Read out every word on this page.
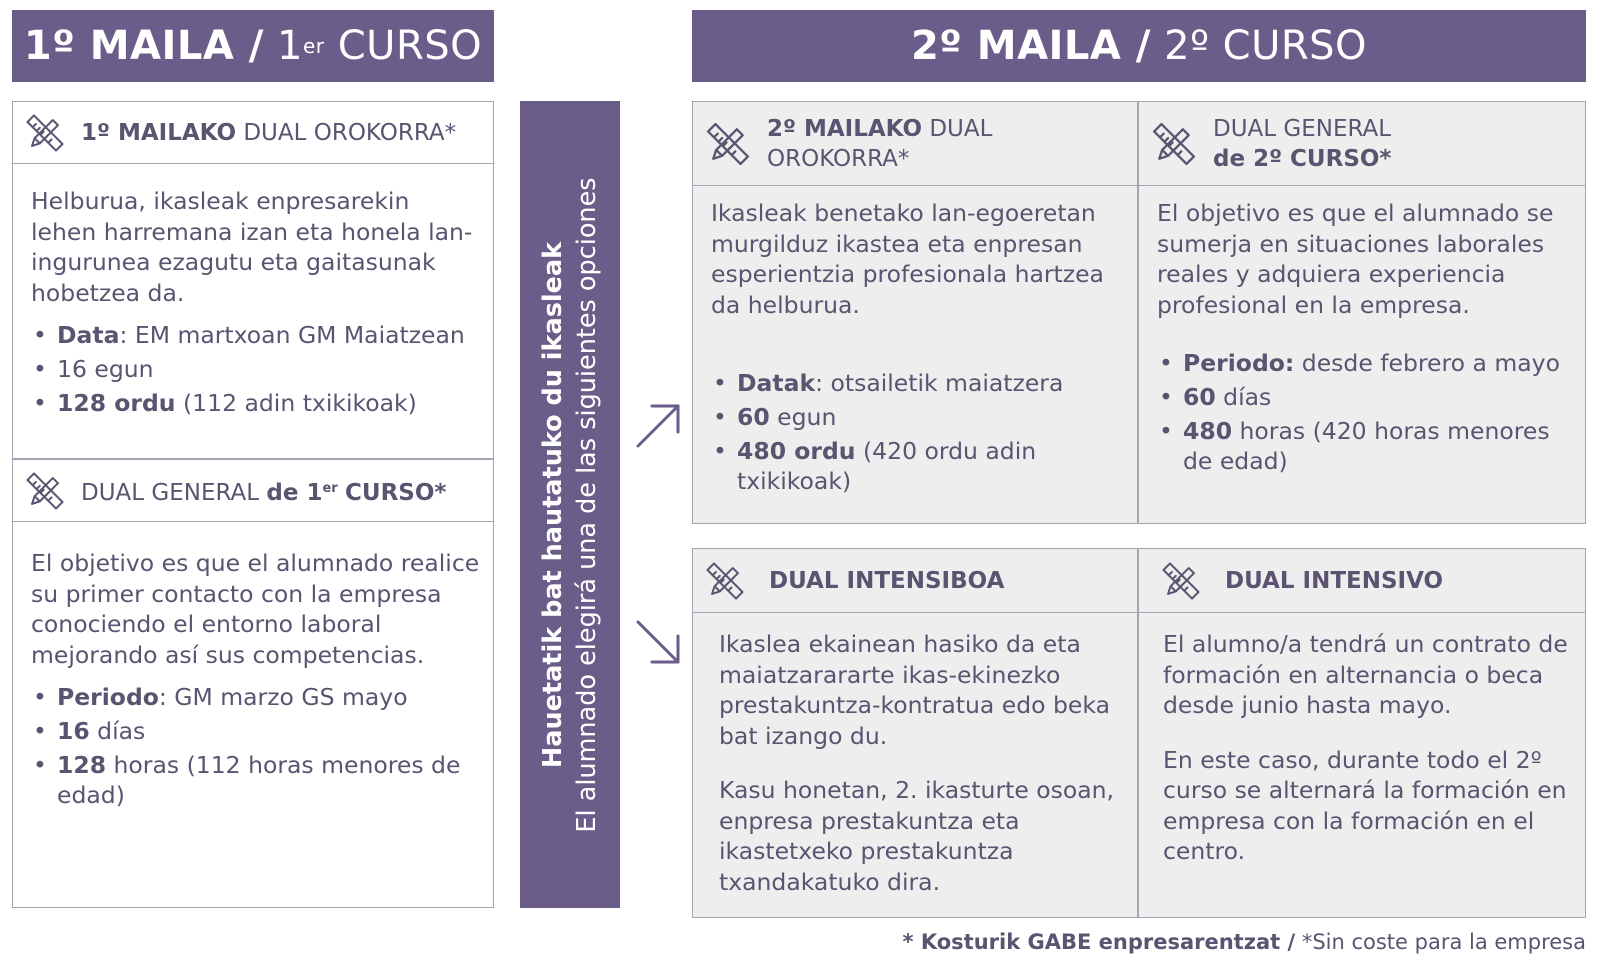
1º MAILA /
1 er
CURSO	2º MAILA /
2º CURSO
1º MAILAKO DUAL OROKORRA*

Helburua, ikasleak enpresarekin lehen harremana izan eta honela lan-ingurunea ezagutu eta gaitasunak hobetzea da.

• Data: EM martxoan GM Maiatzean
• 16 egun
• 128 ordu (112 adin txikikoak)
DUAL GENERAL de 1er CURSO*

El objetivo es que el alumnado realice su primer contacto con la empresa conociendo el entorno laboral mejorando así sus competencias.

• Periodo: GM marzo GS mayo
• 16 días
• 128 horas (112 horas menores de edad)
Hauetatik bat hautatuko du ikasleak El alumnado elegirá una de las siguientes opciones
2º MAILAKO DUAL
OROKORRA*

Ikasleak benetako lan-egoeretan murgilduz ikastea eta enpresan esperientzia profesionala hartzea da helburua.

• Datak: otsailetik maiatzera
• 60 egun
• 480 ordu (420 ordu adin txikikoak)
DUAL GENERAL
de 2º CURSO*

El objetivo es que el alumnado se sumerja en situaciones laborales reales y adquiera experiencia profesional en la empresa.

• Periodo: desde febrero a mayo
• 60 días
• 480 horas (420 horas menores de edad)
DUAL INTENSIBOA

Ikaslea ekainean hasiko da eta maiatzarararte ikas-ekinezko prestakuntza-kontratua edo beka bat izango du.

Kasu honetan, 2. ikasturte osoan, enpresa prestakuntza eta ikastetxeko prestakuntza txandakatuko dira.

DUAL INTENSIVO

El alumno/a tendrá un contrato de formación en alternancia o beca desde junio hasta mayo.

En este caso, durante todo el 2º curso se alternará la formación en empresa con la formación en el centro.

* Kosturik GABE enpresarentzat / *Sin coste para la empresa
